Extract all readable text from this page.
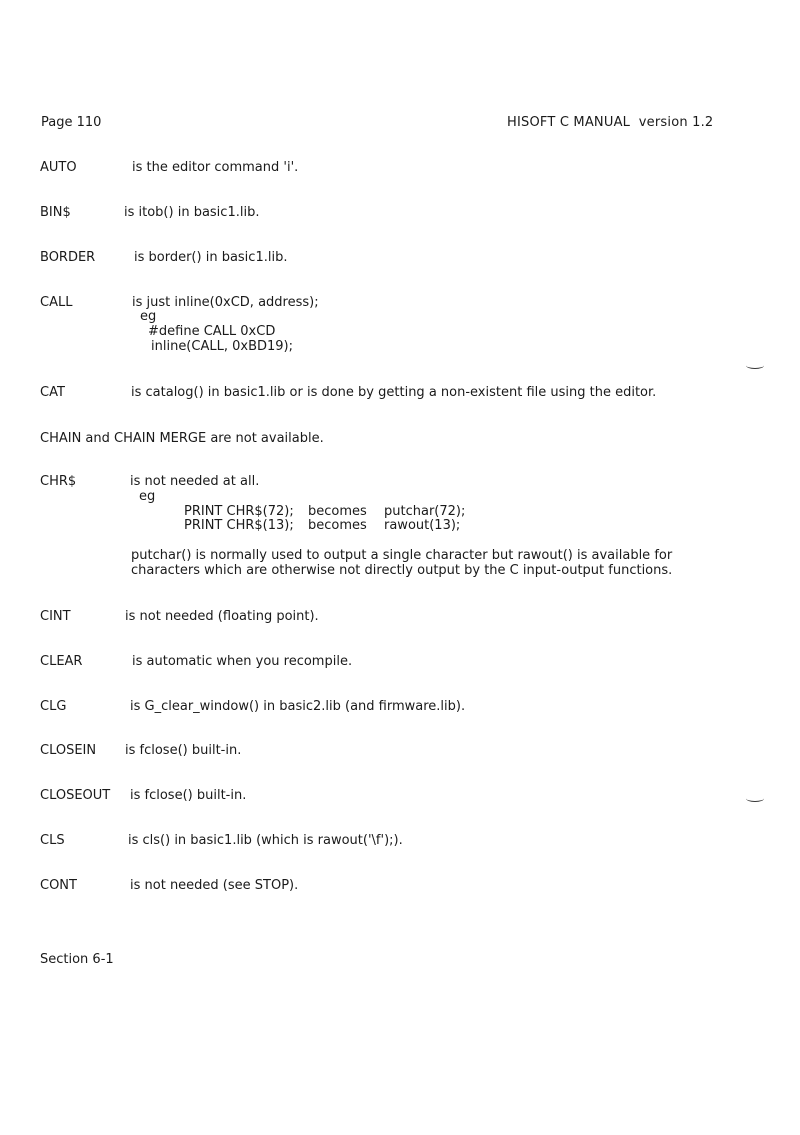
Page 110	HISOFT C MANUAL  version 1.2
AUTO	is the editor command 'i'.
BIN$	is itob() in basic1.lib.
BORDER	is border() in basic1.lib.
CALL	is just inline(0xCD, address);
eg
#define CALL 0xCD
inline(CALL, 0xBD19);
CAT	is catalog() in basic1.lib or is done by getting a non-existent file using the editor.
CHAIN and CHAIN MERGE are not available.
CHR$	is not needed at all.
eg
PRINT CHR$(72); becomes putchar(72);
PRINT CHR$(13); becomes rawout(13);
putchar() is normally used to output a single character but rawout() is available for
characters which are otherwise not directly output by the C input-output functions.
CINT	is not needed (floating point).
CLEAR	is automatic when you recompile.
CLG	is G_clear_window() in basic2.lib (and firmware.lib).
CLOSEIN is fclose() built-in.
CLOSEOUT is fclose() built-in.
CLS	is cls() in basic1.lib (which is rawout('\f');).
CONT	is not needed (see STOP).
Section 6-1
